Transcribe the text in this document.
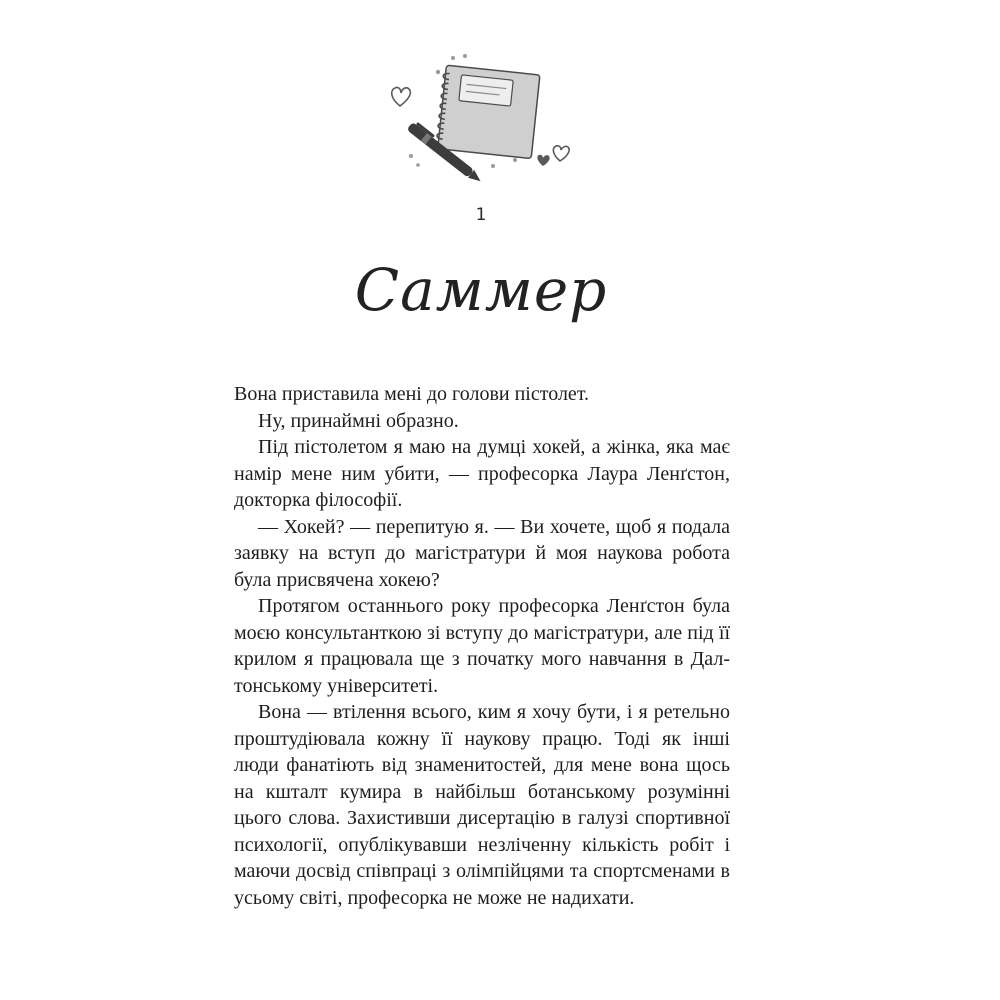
1
Саммер

Вона приставила мені до голови пістолет.

Ну, принаймні образно.

Під пістолетом я маю на думці хокей, а жінка, яка має намір мене ним убити, — професорка Лаура Ленґстон, докторка філософії.

— Хокей? — перепитую я. — Ви хочете, щоб я подала заявку на вступ до магістратури й моя наукова робота була присвячена хокею?

Протягом останнього року професорка Ленґстон була моєю консультанткою зі вступу до магістратури, але під її крилом я працювала ще з початку мого навчання в Далтонському університеті.

Вона — втілення всього, ким я хочу бути, і я ретельно проштудіювала кожну її наукову працю. Тоді як інші люди фанатіють від знаменитостей, для мене вона щось на кшталт кумира в найбільш ботанському розумінні цього слова. Захистивши дисертацію в галузі спортивної психології, опублікувавши незліченну кількість робіт і маючи досвід співпраці з олімпійцями та спортсменами в усьому світі, професорка не може не надихати.
